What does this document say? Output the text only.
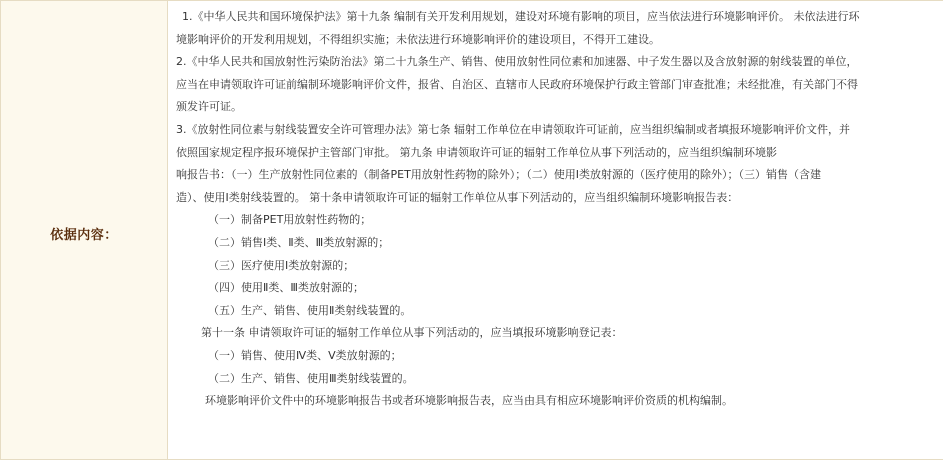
依据内容：
1.《中华人民共和国环境保护法》第十九条 编制有关开发利用规划，建设对环境有影响的项目，应当依法进行环境影响评价。 未依法进行环
境影响评价的开发利用规划，不得组织实施；未依法进行环境影响评价的建设项目，不得开工建设。
2.《中华人民共和国放射性污染防治法》第二十九条生产、销售、使用放射性同位素和加速器、中子发生器以及含放射源的射线装置的单位，
应当在申请领取许可证前编制环境影响评价文件，报省、自治区、直辖市人民政府环境保护行政主管部门审查批准；未经批准，有关部门不得
颁发许可证。
3.《放射性同位素与射线装置安全许可管理办法》第七条 辐射工作单位在申请领取许可证前，应当组织编制或者填报环境影响评价文件，并
依照国家规定程序报环境保护主管部门审批。 第九条 申请领取许可证的辐射工作单位从事下列活动的，应当组织编制环境影
响报告书：（一）生产放射性同位素的（制备PET用放射性药物的除外）；（二）使用Ⅰ类放射源的（医疗使用的除外）；（三）销售（含建
造）、使用Ⅰ类射线装置的。 第十条申请领取许可证的辐射工作单位从事下列活动的，应当组织编制环境影响报告表：
（一）制备PET用放射性药物的；
（二）销售Ⅰ类、Ⅱ类、Ⅲ类放射源的；
（三）医疗使用Ⅰ类放射源的；
（四）使用Ⅱ类、Ⅲ类放射源的；
（五）生产、销售、使用Ⅱ类射线装置的。
第十一条 申请领取许可证的辐射工作单位从事下列活动的，应当填报环境影响登记表：
（一）销售、使用Ⅳ类、Ⅴ类放射源的；
（二）生产、销售、使用Ⅲ类射线装置的。
环境影响评价文件中的环境影响报告书或者环境影响报告表，应当由具有相应环境影响评价资质的机构编制。
